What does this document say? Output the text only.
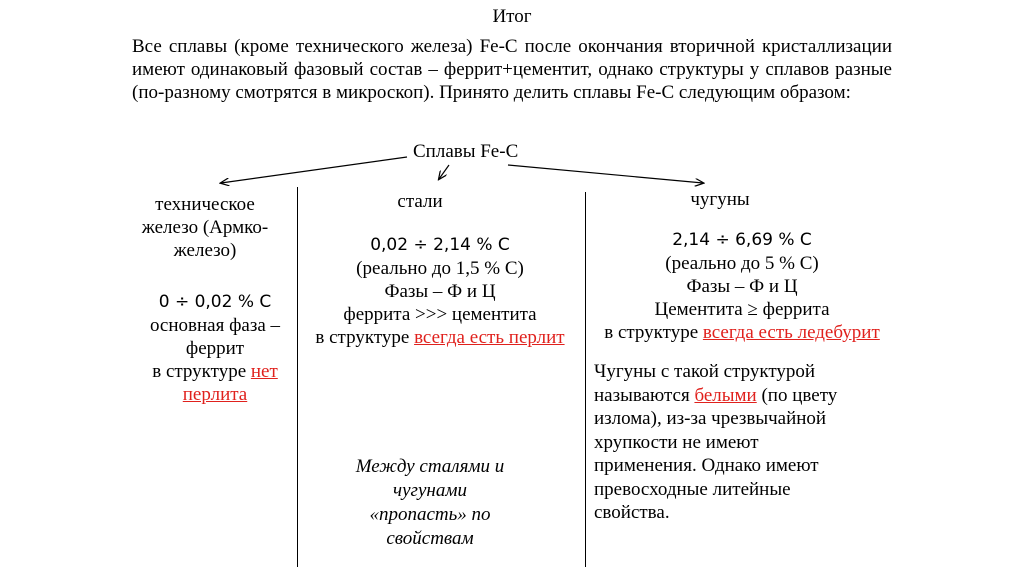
Итог
Все сплавы (кроме технического железа) Fe-C после окончания вторичной кристаллизации имеют одинаковый фазовый состав – феррит+цементит, однако структуры у сплавов разные (по-разному смотрятся в микроскоп). Принято делить сплавы Fe-C следующим образом:
Сплавы Fe-C
техническое
железо (Армко-
железо)
0 ÷ 0,02 % C
основная фаза –
феррит
в структуре нет
перлита
стали
0,02 ÷ 2,14 % C
(реально до 1,5 % С)
Фазы – Ф и Ц
феррита >>> цементита
в структуре всегда есть перлит
Между сталями и
чугунами
«пропасть» по
свойствам
чугуны
2,14 ÷ 6,69 % C
(реально до 5 % С)
Фазы – Ф и Ц
Цементита ≥ феррита
в структуре всегда есть ледебурит
Чугуны с такой структурой
называются белыми (по цвету
излома), из-за чрезвычайной
хрупкости не имеют
применения. Однако имеют
превосходные литейные
свойства.
